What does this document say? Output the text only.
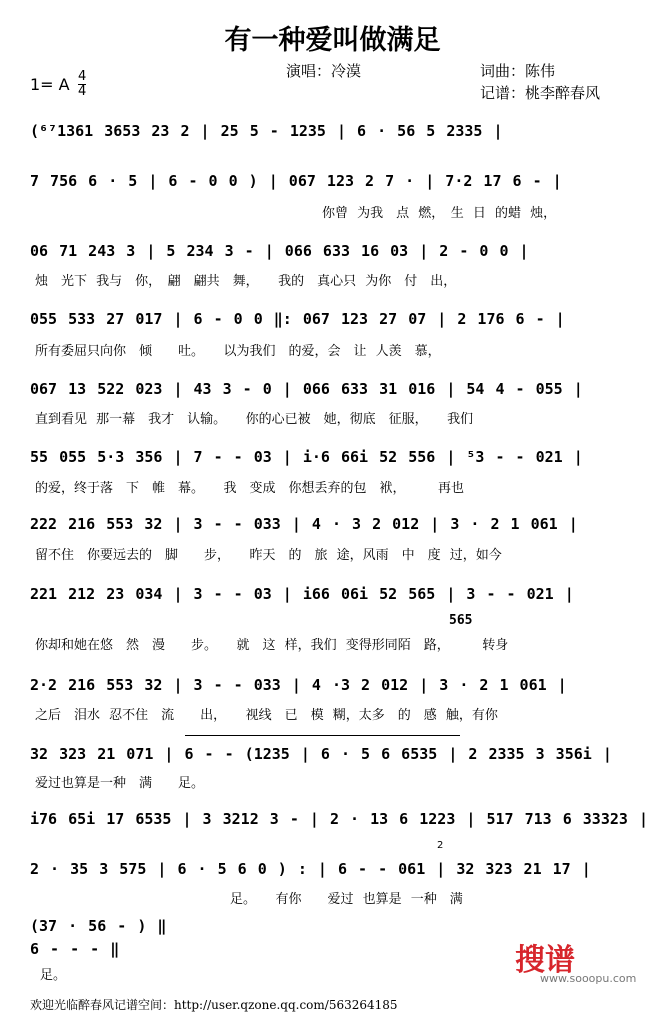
有一种爱叫做满足
演唱：冷漠	词曲：陈伟
记谱：桃李醉春风
1= A 4
4
(⁶⁷1361 3653 23 2 | 25 5 - 1235 | 6 · 56 5 2335 |
7 756 6 · 5 | 6 - 0 0 ) | 067 123 2 7 · | 7·2 17 6 - |
你曾 为我　点 燃，　生 日 的蜡 烛，
06 71 243 3 | 5 234 3 - | 066 633 16 03 | 2 - 0 0 |
烛　光下 我与　你，　翩　翩共　舞，　　我的　真心只 为你　付　出，
055 533 27 017 | 6 - 0 0 ‖: 067 123 27 07 | 2 176 6 - |
所有委屈只向你　倾　　吐。　　以为我们　的爱，会　让 人羡　慕，
067 13 522 023 | 43 3 - 0 | 066 633 31 016 | 54 4 - 055 |
直到看见 那一幕　我才　认输。　　你的心已被　她，彻底　征服，　　我们
55 055 5·3 356 | 7 - - 03 | i·6 66i 52 556 | ⁵3 - - 021 |
的爱，终于落　下　帷　幕。　　我　变成　你想丢弃的包　袱，　　　再也
222 216 553 32 | 3 - - 033 | 4 · 3 2 012 | 3 · 2 1 061 |
留不住　你要远去的　脚　　步，　　昨天　的　旅 途，风雨　中　度 过，如今
221 212 23 034 | 3 - - 03 | i66 06i 52 565 | 3 - - 021 |
565
你却和她在悠　然　漫　　步。　　就　这 样，我们 变得形同陌　路，　　　转身
2·2 216 553 32 | 3 - - 033 | 4 ·3 2 012 | 3 · 2 1 061 |
之后　泪水 忍不住　流　　出，　　视线　已　模 糊，太多　的　感 触，有你
32 323 21 071 | 6 - - (1235 | 6 · 5 6 6535 | 2 2335 3 356i |
爱过也算是一种　满　　足。
i76 65i 17 6535 | 3 3212 3 - | 2 · 13 6 1223 | 517 713 6 33323 |
2
2 · 35 3 575 | 6 · 5 6 0 ) : | 6 - - 061 | 32 323 21 17 |
　　　　　　　　　　　　　　　足。　　有你　　爱过 也算是 一种　满
(37 · 56 - ) ‖
6 - - - ‖
足。	搜谱
www.sooopu.com
欢迎光临醉春风记谱空间：http://user.qzone.qq.com/563264185
